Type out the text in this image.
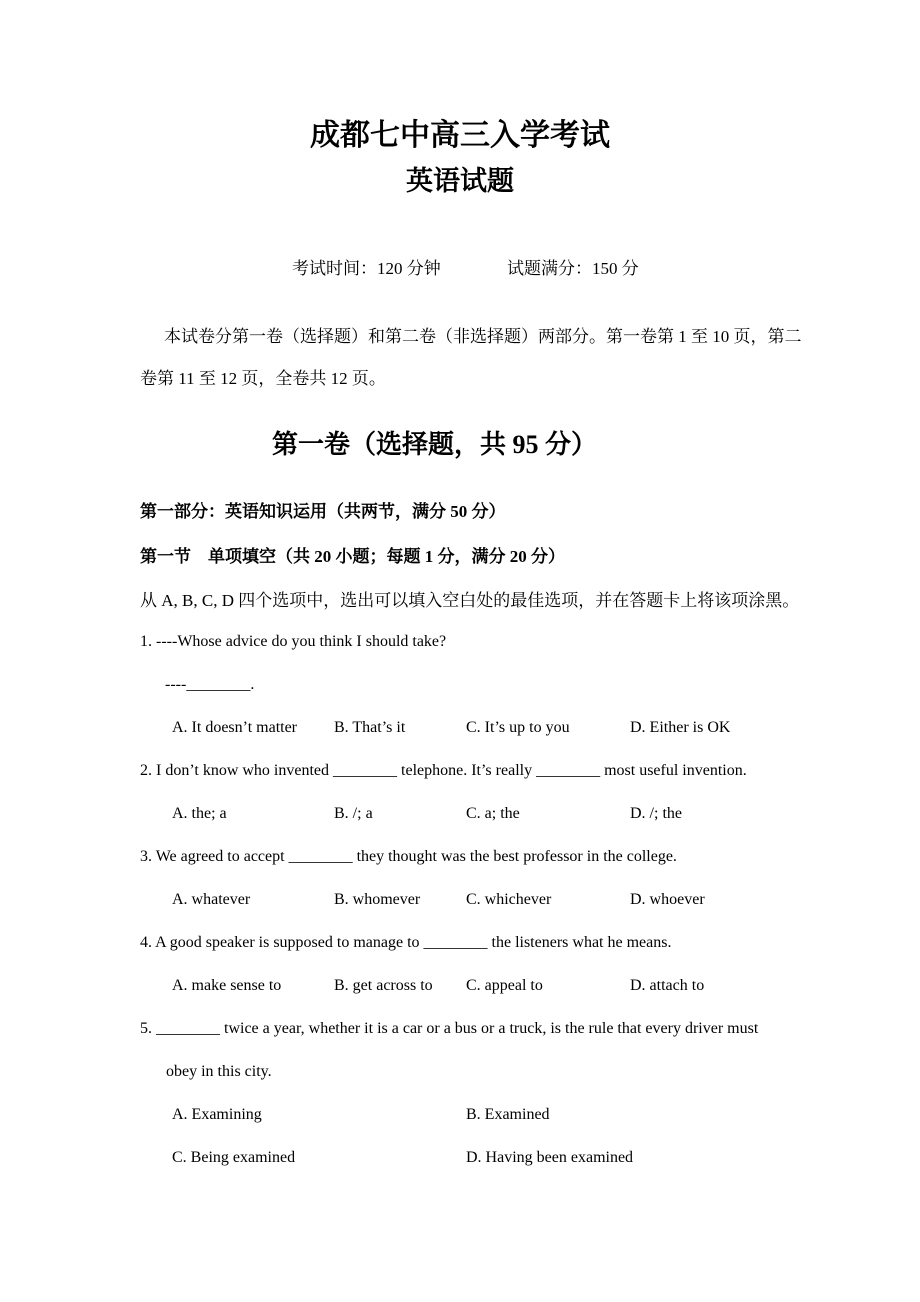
成都七中高三入学考试
英语试题
考试时间：120 分钟	试题满分：150 分
本试卷分第一卷（选择题）和第二卷（非选择题）两部分。第一卷第 1 至 10 页，第二
卷第 11 至 12 页，全卷共 12 页。
第一卷（选择题，共 95 分）
第一部分：英语知识运用（共两节，满分 50 分）
第一节　单项填空（共 20 小题；每题 1 分，满分 20 分）
从 A, B, C, D 四个选项中，选出可以填入空白处的最佳选项，并在答题卡上将该项涂黑。
1. ----Whose advice do you think I should take?
----________.
A. It doesn’t matter B. That’s it	C. It’s up to you	D. Either is OK
2. I don’t know who invented ________ telephone. It’s really ________ most useful invention.
A. the; a	B. /; a	C. a; the	D. /; the
3. We agreed to accept ________ they thought was the best professor in the college.
A. whatever	B. whomever	C. whichever	D. whoever
4. A good speaker is supposed to manage to ________ the listeners what he means.
A. make sense to	B. get across to C. appeal to	D. attach to
5. ________ twice a year, whether it is a car or a bus or a truck, is the rule that every driver must
obey in this city.
A. Examining	B. Examined
C. Being examined	D. Having been examined
